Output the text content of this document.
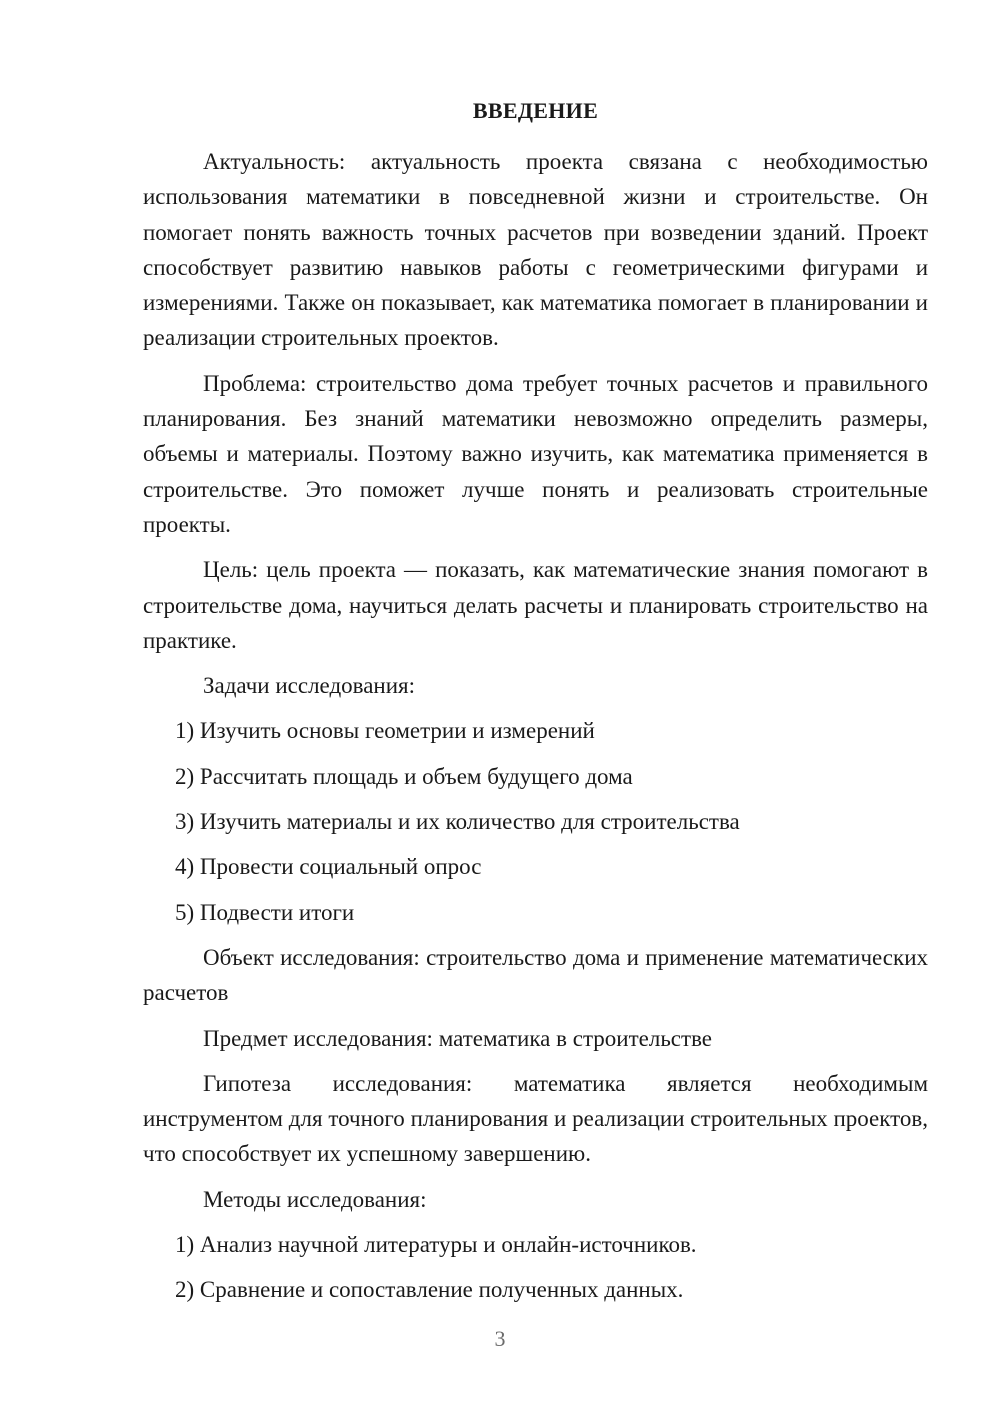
ВВЕДЕНИЕ

Актуальность: актуальность проекта связана с необходимостью использования математики в повседневной жизни и строительстве. Он помогает понять важность точных расчетов при возведении зданий. Проект способствует развитию навыков работы с геометрическими фигурами и измерениями. Также он показывает, как математика помогает в планировании и реализации строительных проектов.

Проблема: строительство дома требует точных расчетов и правильного планирования. Без знаний математики невозможно определить размеры, объемы и материалы. Поэтому важно изучить, как математика применяется в строительстве. Это поможет лучше понять и реализовать строительные проекты.

Цель: цель проекта — показать, как математические знания помогают в строительстве дома, научиться делать расчеты и планировать строительство на практике.

Задачи исследования:

1) Изучить основы геометрии и измерений
2) Рассчитать площадь и объем будущего дома
3) Изучить материалы и их количество для строительства
4) Провести социальный опрос
5) Подвести итоги

Объект исследования: строительство дома и применение математических расчетов

Предмет исследования: математика в строительстве

Гипотеза исследования: математика является необходимым инструментом для точного планирования и реализации строительных проектов, что способствует их успешному завершению.

Методы исследования:

1) Анализ научной литературы и онлайн-источников.
2) Сравнение и сопоставление полученных данных.
3
